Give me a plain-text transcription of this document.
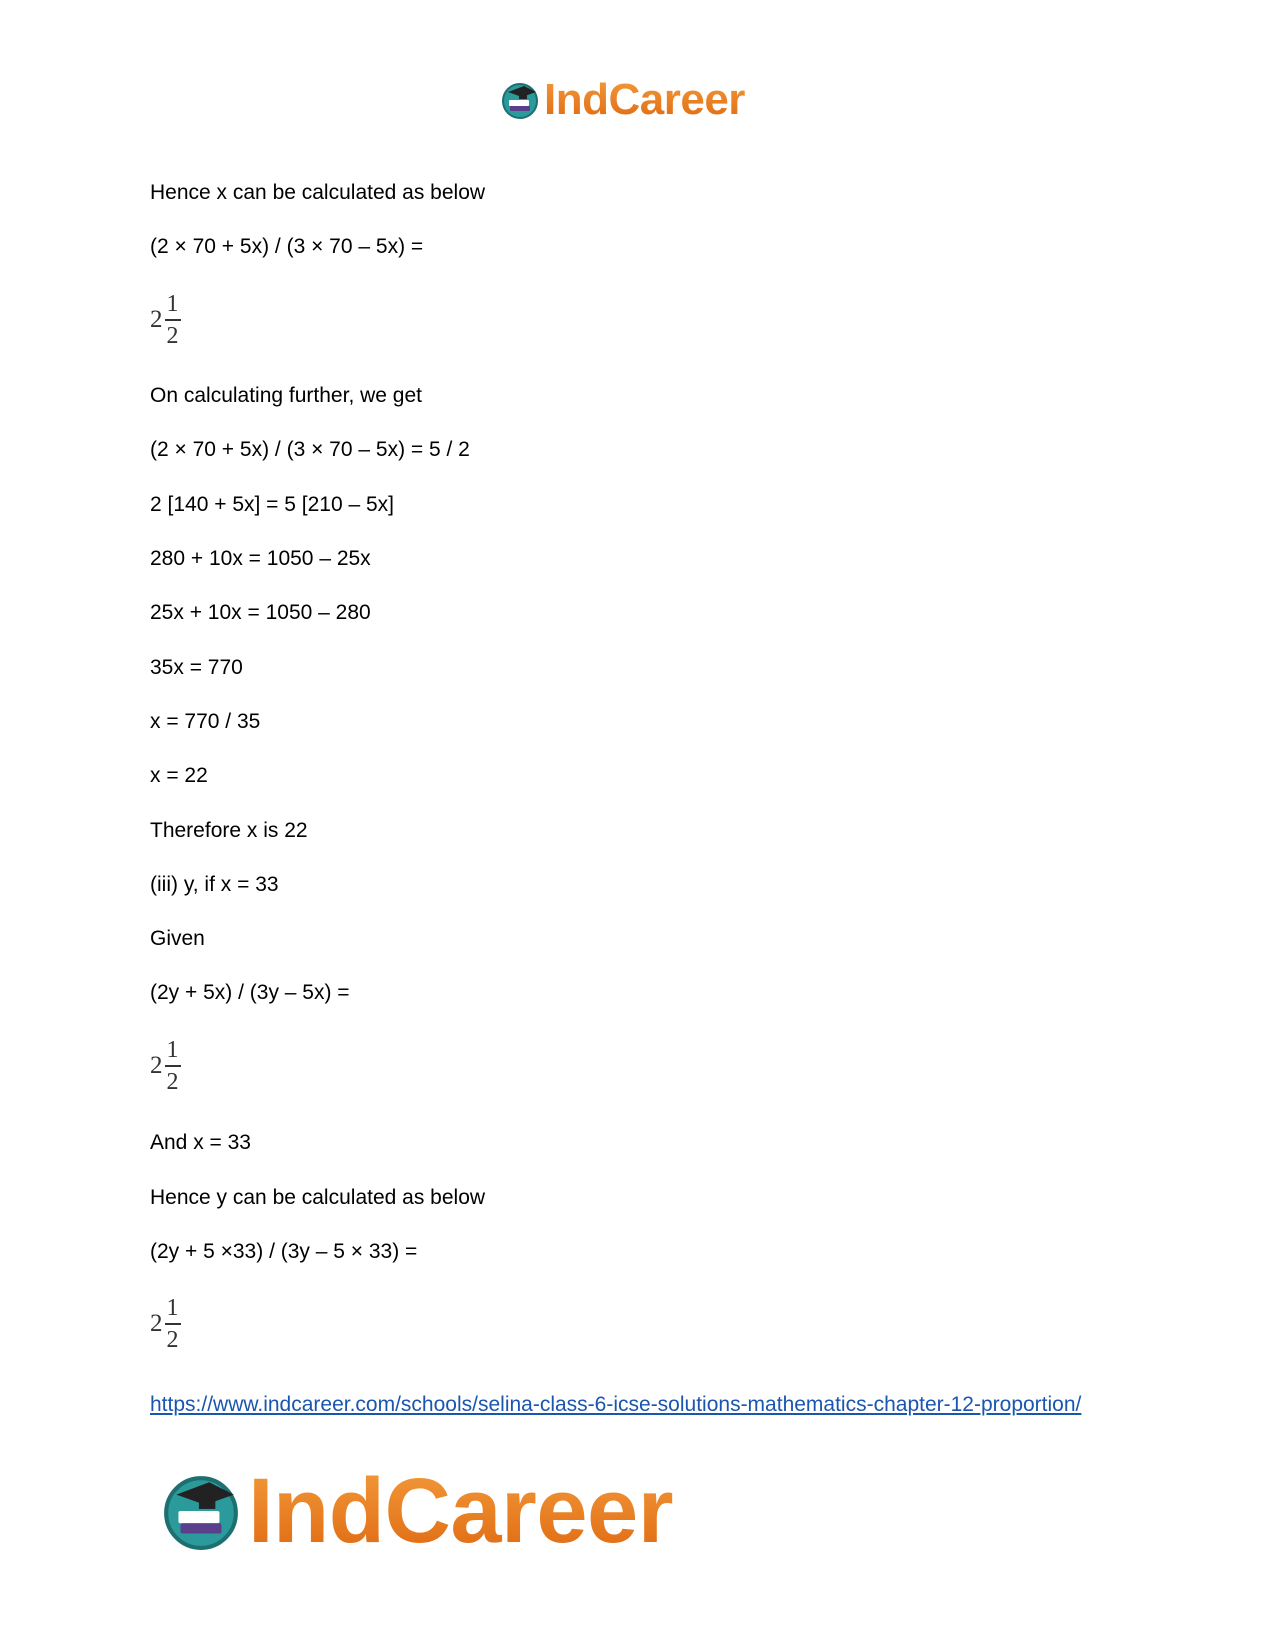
IndCareer
Hence x can be calculated as below
(2 × 70 + 5x) / (3 × 70 – 5x) =
2
1
2
On calculating further, we get
(2 × 70 + 5x) / (3 × 70 – 5x) = 5 / 2
2 [140 + 5x] = 5 [210 – 5x]
280 + 10x = 1050 – 25x
25x + 10x = 1050 – 280
35x = 770
x = 770 / 35
x = 22
Therefore x is 22
(iii) y, if x = 33
Given
(2y + 5x) / (3y – 5x) =
2
1
2
And x = 33
Hence y can be calculated as below
(2y + 5 ×33) / (3y – 5 × 33) =
2
1
2
https://www.indcareer.com/schools/selina-class-6-icse-solutions-mathematics-chapter-12-proportion/
IndCareer
